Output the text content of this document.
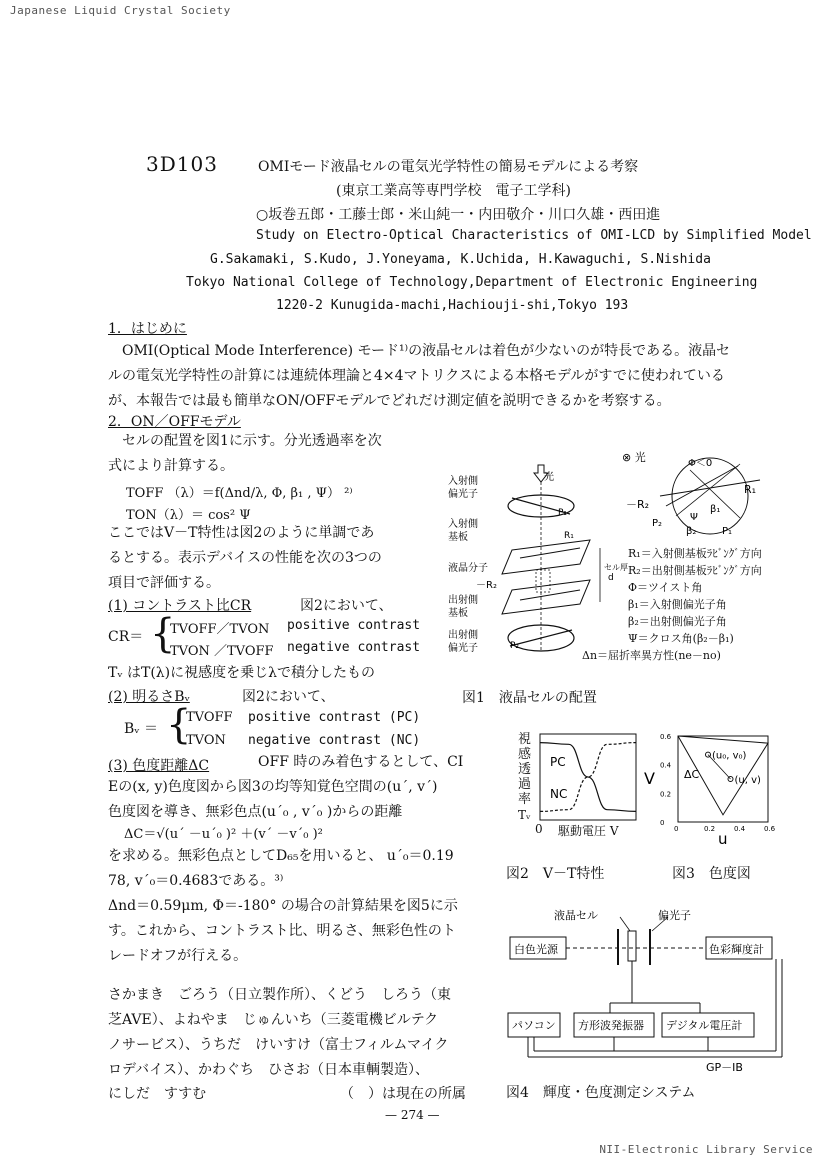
Japanese Liquid Crystal Society
NII-Electronic Library Service
— 274 —
3D103	OMIモード液晶セルの電気光学特性の簡易モデルによる考察
(東京工業高等専門学校　電子工学科)
○坂巻五郎・工藤士郎・米山純一・内田敬介・川口久雄・西田進
Study on Electro-Optical Characteristics of OMI-LCD by Simplified Model
G.Sakamaki, S.Kudo, J.Yoneyama, K.Uchida, H.Kawaguchi, S.Nishida
Tokyo National College of Technology,Department of Electronic Engineering
1220-2 Kunugida-machi,Hachiouji-shi,Tokyo 193
1．はじめに
　OMI(Optical Mode Interference) モード¹⁾の液晶セルは着色が少ないのが特長である。液晶セ
ルの電気光学特性の計算には連続体理論と4×4マトリクスによる本格モデルがすでに使われている
が、本報告では最も簡単なON/OFFモデルでどれだけ測定値を説明できるかを考察する。
2．ON／OFFモデル
　セルの配置を図1に示す。分光透過率を次
式により計算する。
TOFF （λ）＝f(Δnd/λ, Φ, β₁ , Ψ） ²⁾
TON（λ）＝ cos² Ψ
ここではV－T特性は図2のように単調であ
るとする。表示デバイスの性能を次の3つの
項目で評価する。
(1) コントラスト比CR	図2において、
CR＝ {
TVOFF／TVON positive contrast
TVON ／TVOFF negative contrast
Tᵥ はT(λ)に視感度を乗じλで積分したもの
(2) 明るさBᵥ	図2において、
Bᵥ ＝ {
TVOFF positive contrast (PC)
TVON negative contrast (NC)
(3) 色度距離ΔC	OFF 時のみ着色するとして、CI
Eの(x, y)色度図から図3の均等知覚色空間の(u´, v´)
色度図を導き、無彩色点(u´₀ , v´₀ )からの距離
ΔC＝√(u´ －u´₀ )² ＋(v´ －v´₀ )²
を求める。無彩色点としてD₆₅を用いると、 u´₀＝0.19
78, v´₀＝0.4683である。³⁾
Δnd＝0.59μm, Φ＝-180° の場合の計算結果を図5に示
す。これから、コントラスト比、明るさ、無彩色性のト
レードオフが行える。
さかまき　ごろう（日立製作所）、くどう　しろう（東
芝AVE）、よねやま　じゅんいち（三菱電機ビルテク
ノサービス）、うちだ　けいすけ（富士フィルムマイク
ロデバイス）、かわぐち　ひさお（日本車輌製造）、
にしだ　すすむ	（　）は現在の所属
⊗ 光	Φ＜0
R₁
－R₂
P₂
Ψ
β₁
β₂	P₁
光
入射側
偏光子
入射側
基板
液晶分子
－R₂
出射側
基板
出射側
偏光子
P₁
R₁
P₂
セル厚
d
R₁＝入射側基板ﾗﾋﾞﾝｸﾞ方向
R₂＝出射側基板ﾗﾋﾞﾝｸﾞ方向
Φ＝ツイスト角
β₁＝入射側偏光子角
β₂＝出射側偏光子角
Ψ＝クロス角(β₂－β₁)
Δn＝屈折率異方性(ne－no)
図1　液晶セルの配置
PC
NC
視感透過率
Tᵥ
0 駆動電圧 V
図2　V－T特性
0.6
0.4
0.2
0
0	0.2	0.4	0.6
(u₀, v₀)
(u, v)
V
u
ΔC
図3　色度図
液晶セル	偏光子
白色光源	色彩輝度計
パソコン 方形波発振器 デジタル電圧計
GP－IB
図4　輝度・色度測定システム
